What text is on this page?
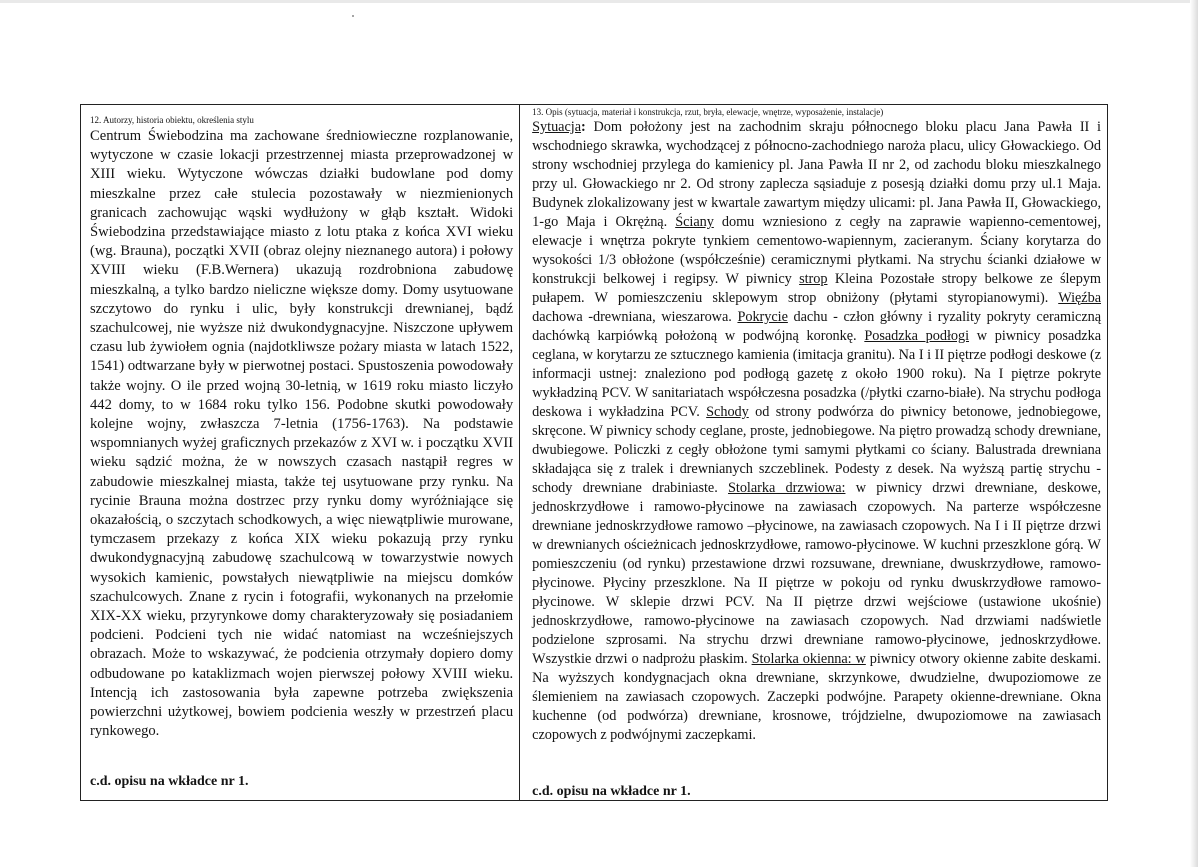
12. Autorzy, historia obiektu, określenia stylu

Centrum Świebodzina ma zachowane średniowieczne rozplanowanie, wytyczone w czasie lokacji przestrzennej miasta przeprowadzonej w XIII wieku. Wytyczone wówczas działki budowlane pod domy mieszkalne przez całe stulecia pozostawały w niezmienionych granicach zachowując wąski wydłużony w głąb kształt. Widoki Świebodzina przedstawiające miasto z lotu ptaka z końca XVI wieku (wg. Brauna), początki XVII (obraz olejny nieznanego autora) i połowy XVIII wieku (F.B.Wernera) ukazują rozdrobniona zabudowę mieszkalną, a tylko bardzo nieliczne większe domy. Domy usytuowane szczytowo do rynku i ulic, były konstrukcji drewnianej, bądź szachulcowej, nie wyższe niż dwukondygnacyjne. Niszczone upływem czasu lub żywiołem ognia (najdotkliwsze pożary miasta w latach 1522, 1541) odtwarzane były w pierwotnej postaci. Spustoszenia powodowały także wojny. O ile przed wojną 30-letnią, w 1619 roku miasto liczyło 442 domy, to w 1684 roku tylko 156. Podobne skutki powodowały kolejne wojny, zwłaszcza 7-letnia (1756-1763). Na podstawie wspomnianych wyżej graficznych przekazów z XVI w. i początku XVII wieku sądzić można, że w nowszych czasach nastąpił regres w zabudowie mieszkalnej miasta, także tej usytuowane przy rynku. Na rycinie Brauna można dostrzec przy rynku domy wyróżniające się okazałością, o szczytach schodkowych, a więc niewątpliwie murowane, tymczasem przekazy z końca XIX wieku pokazują przy rynku dwukondygnacyjną zabudowę szachulcową w towarzystwie nowych wysokich kamienic, powstałych niewątpliwie na miejscu domków szachulcowych. Znane z rycin i fotografii, wykonanych na przełomie XIX-XX wieku, przyrynkowe domy charakteryzowały się posiadaniem podcieni. Podcieni tych nie widać natomiast na wcześniejszych obrazach. Może to wskazywać, że podcienia otrzymały dopiero domy odbudowane po kataklizmach wojen pierwszej połowy XVIII wieku. Intencją ich zastosowania była zapewne potrzeba zwiększenia powierzchni użytkowej, bowiem podcienia weszły w przestrzeń placu rynkowego.

c.d. opisu na wkładce nr 1.

13. Opis (sytuacja, materiał i konstrukcja, rzut, bryła, elewacje, wnętrze, wyposażenie, instalacje)

Sytuacja: Dom położony jest na zachodnim skraju północnego bloku placu Jana Pawła II i wschodniego skrawka, wychodzącej z północno-zachodniego naroża placu, ulicy Głowackiego. Od strony wschodniej przylega do kamienicy pl. Jana Pawła II nr 2, od zachodu bloku mieszkalnego przy ul. Głowackiego nr 2. Od strony zaplecza sąsiaduje z posesją działki domu przy ul.1 Maja. Budynek zlokalizowany jest w kwartale zawartym między ulicami: pl. Jana Pawła II, Głowackiego, 1-go Maja i Okrężną. Ściany domu wzniesiono z cegły na zaprawie wapienno-cementowej, elewacje i wnętrza pokryte tynkiem cementowo-wapiennym, zacieranym. Ściany korytarza do wysokości 1/3 obłożone (współcześnie) ceramicznymi płytkami. Na strychu ścianki działowe w konstrukcji belkowej i regipsy. W piwnicy strop Kleina Pozostałe stropy belkowe ze ślepym pułapem. W pomieszczeniu sklepowym strop obniżony (płytami styropianowymi). Więźba dachowa -drewniana, wieszarowa. Pokrycie dachu - człon główny i ryzality pokryty ceramiczną dachówką karpiówką położoną w podwójną koronkę. Posadzka podłogi w piwnicy posadzka ceglana, w korytarzu ze sztucznego kamienia (imitacja granitu). Na I i II piętrze podłogi deskowe (z informacji ustnej: znaleziono pod podłogą gazetę z około 1900 roku). Na I piętrze pokryte wykładziną PCV. W sanitariatach współczesna posadzka (/płytki czarno-białe). Na strychu podłoga deskowa i wykładzina PCV. Schody od strony podwórza do piwnicy betonowe, jednobiegowe, skręcone. W piwnicy schody ceglane, proste, jednobiegowe. Na piętro prowadzą schody drewniane, dwubiegowe. Policzki z cegły obłożone tymi samymi płytkami co ściany. Balustrada drewniana składająca się z tralek i drewnianych szczeblinek. Podesty z desek. Na wyższą partię strychu - schody drewniane drabiniaste. Stolarka drzwiowa: w piwnicy drzwi drewniane, deskowe, jednoskrzydłowe i ramowo-płycinowe na zawiasach czopowych. Na parterze współczesne drewniane jednoskrzydłowe ramowo –płycinowe, na zawiasach czopowych. Na I i II piętrze drzwi w drewnianych ościeżnicach jednoskrzydłowe, ramowo-płycinowe. W kuchni przeszklone górą. W pomieszczeniu (od rynku) przestawione drzwi rozsuwane, drewniane, dwuskrzydłowe, ramowo-płycinowe. Płyciny przeszklone. Na II piętrze w pokoju od rynku dwuskrzydłowe ramowo-płycinowe. W sklepie drzwi PCV. Na II piętrze drzwi wejściowe (ustawione ukośnie) jednoskrzydłowe, ramowo-płycinowe na zawiasach czopowych. Nad drzwiami nadświetle podzielone szprosami. Na strychu drzwi drewniane ramowo-płycinowe, jednoskrzydłowe. Wszystkie drzwi o nadprożu płaskim. Stolarka okienna: w piwnicy otwory okienne zabite deskami. Na wyższych kondygnacjach okna drewniane, skrzynkowe, dwudzielne, dwupoziomowe ze ślemieniem na zawiasach czopowych. Zaczepki podwójne. Parapety okienne-drewniane. Okna kuchenne (od podwórza) drewniane, krosnowe, trójdzielne, dwupoziomowe na zawiasach czopowych z podwójnymi zaczepkami.

c.d. opisu na wkładce nr 1.
